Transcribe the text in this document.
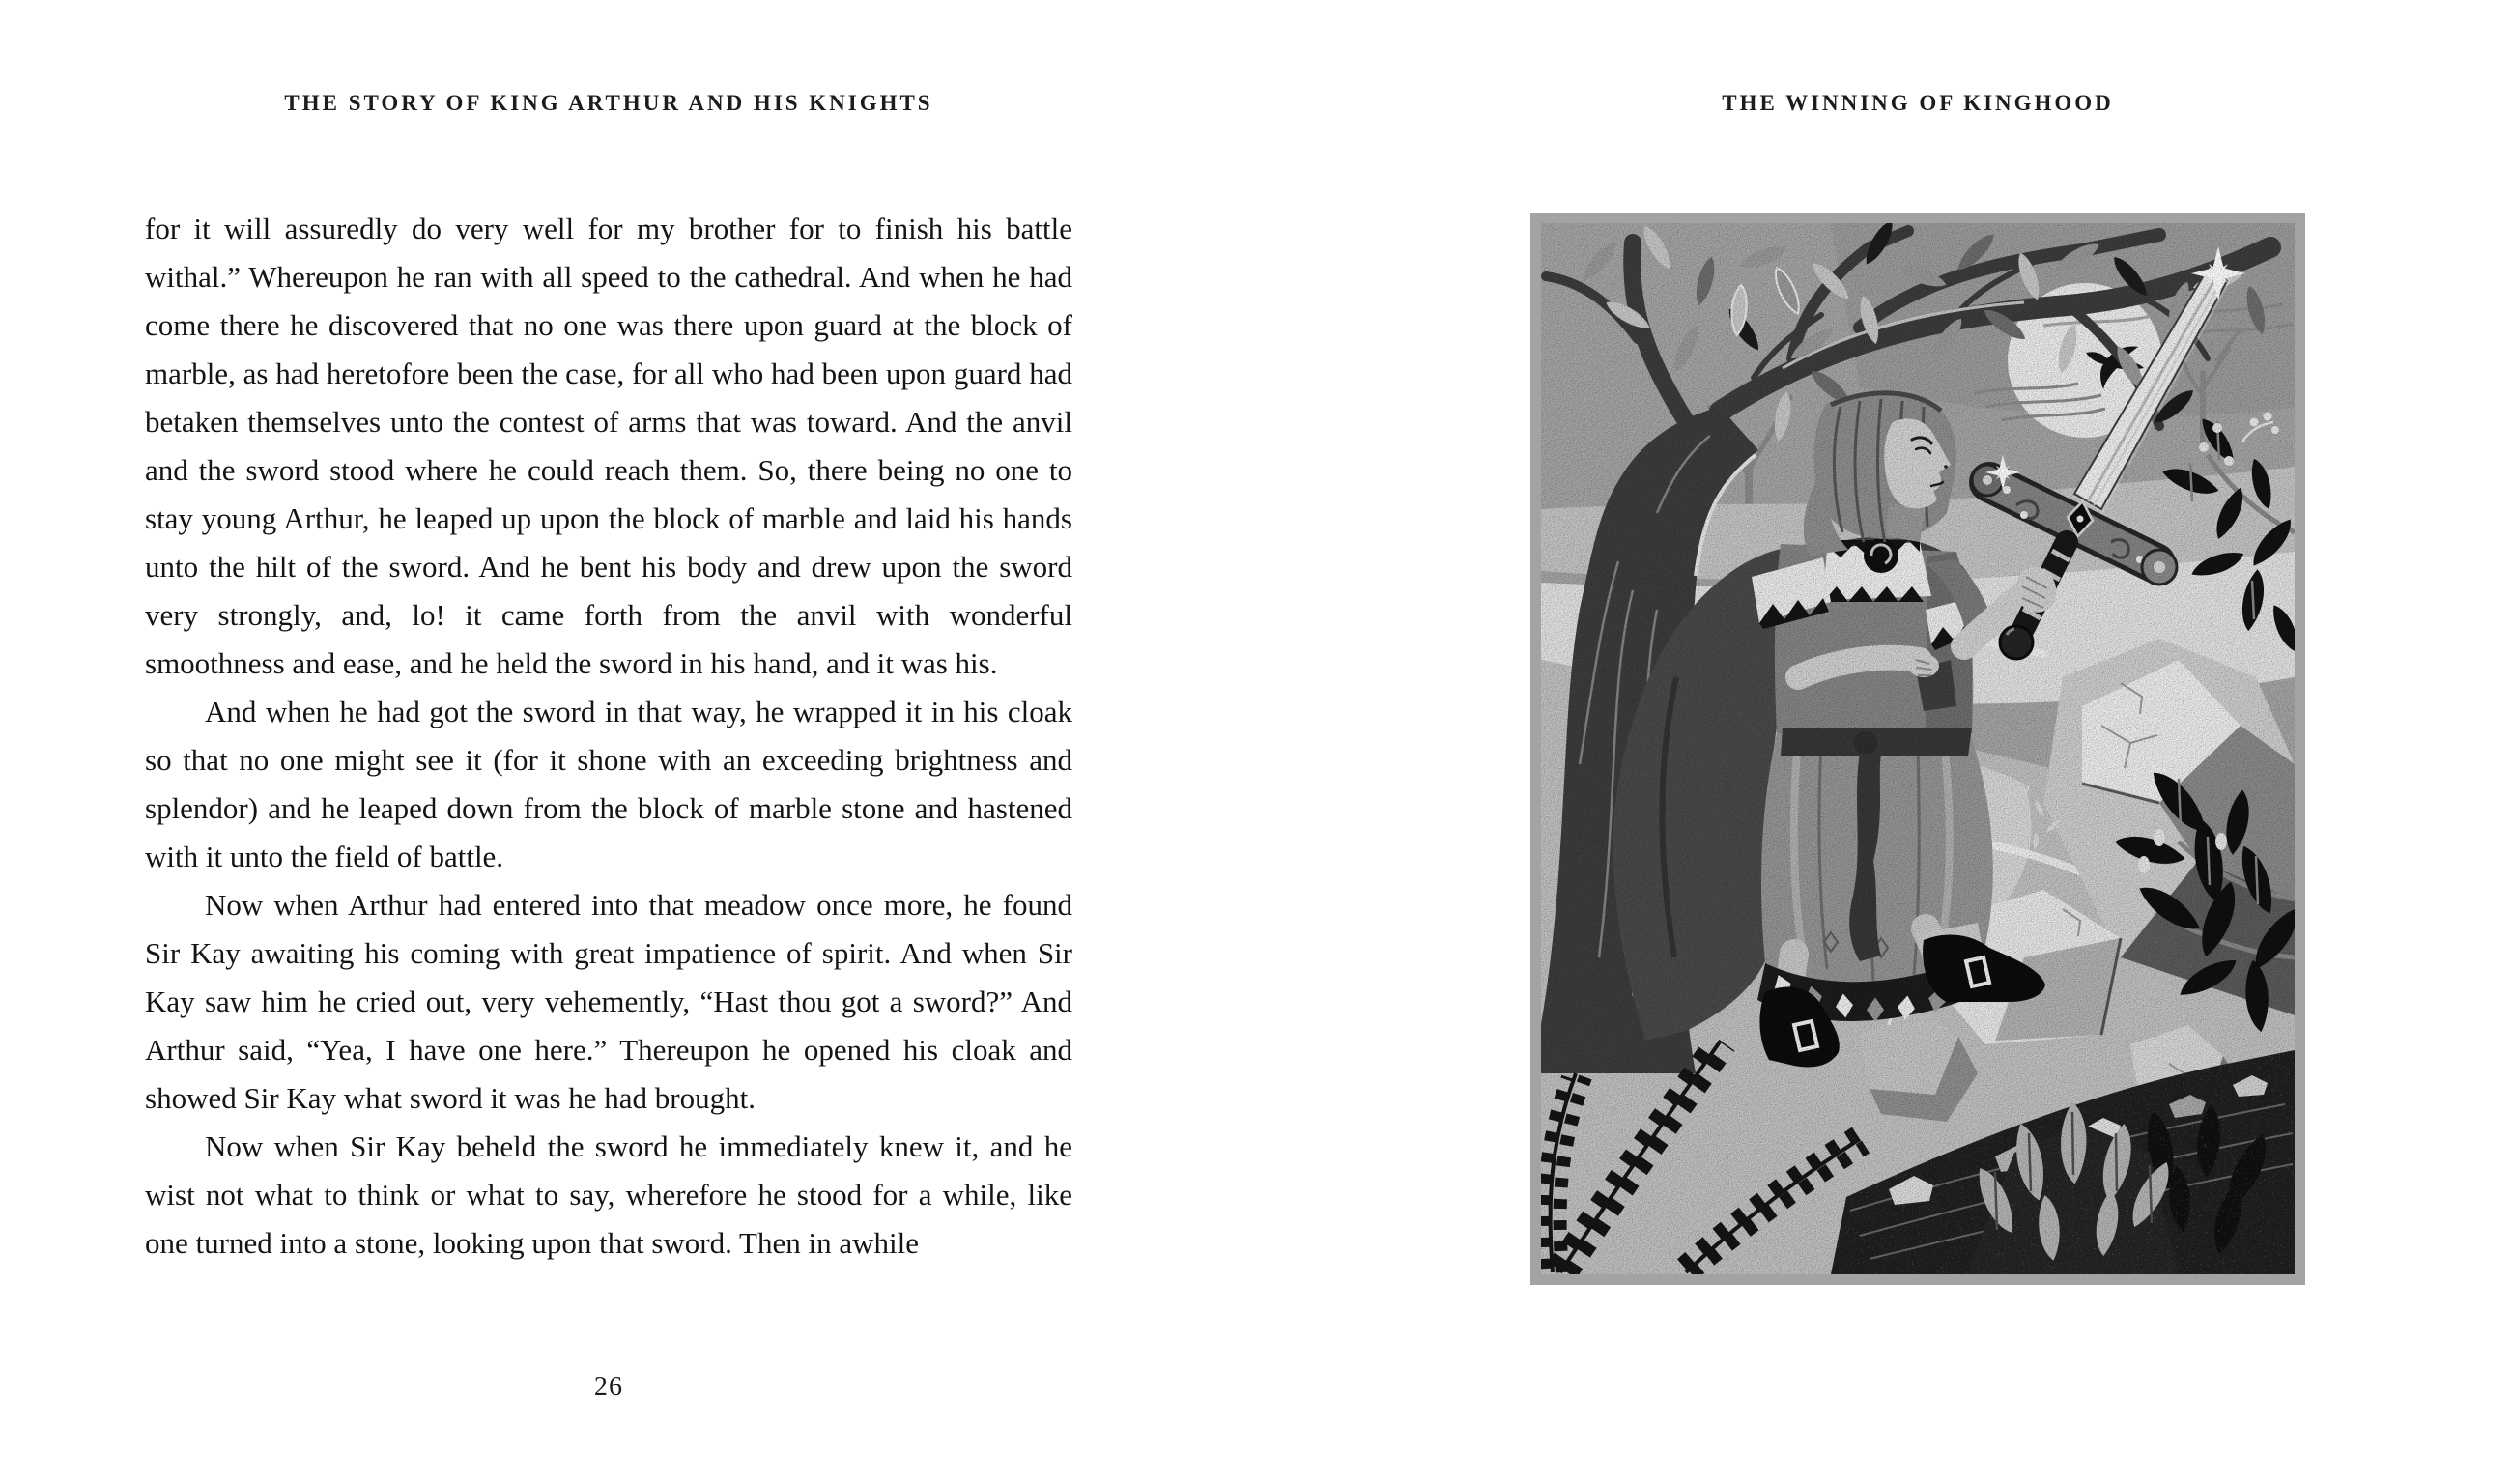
THE STORY OF KING ARTHUR AND HIS KNIGHTS	THE WINNING OF KINGHOOD

for it will assuredly do very well for my brother for to finish his battle withal.” Whereupon he ran with all speed to the cathedral. And when he had come there he discovered that no one was there upon guard at the block of marble, as had heretofore been the case, for all who had been upon guard had betaken themselves unto the contest of arms that was toward. And the anvil and the sword stood where he could reach them. So, there being no one to stay young Arthur, he leaped up upon the block of marble and laid his hands unto the hilt of the sword. And he bent his body and drew upon the sword very strongly, and, lo! it came forth from the anvil with wonderful smoothness and ease, and he held the sword in his hand, and it was his.

And when he had got the sword in that way, he wrapped it in his cloak so that no one might see it (for it shone with an exceeding brightness and splendor) and he leaped down from the block of marble stone and hastened with it unto the field of battle.

Now when Arthur had entered into that meadow once more, he found Sir Kay awaiting his coming with great impatience of spirit. And when Sir Kay saw him he cried out, very vehemently, “Hast thou got a sword?” And Arthur said, “Yea, I have one here.” Thereupon he opened his cloak and showed Sir Kay what sword it was he had brought.

Now when Sir Kay beheld the sword he immediately knew it, and he wist not what to think or what to say, wherefore he stood for a while, like one turned into a stone, looking upon that sword. Then in awhile

26
